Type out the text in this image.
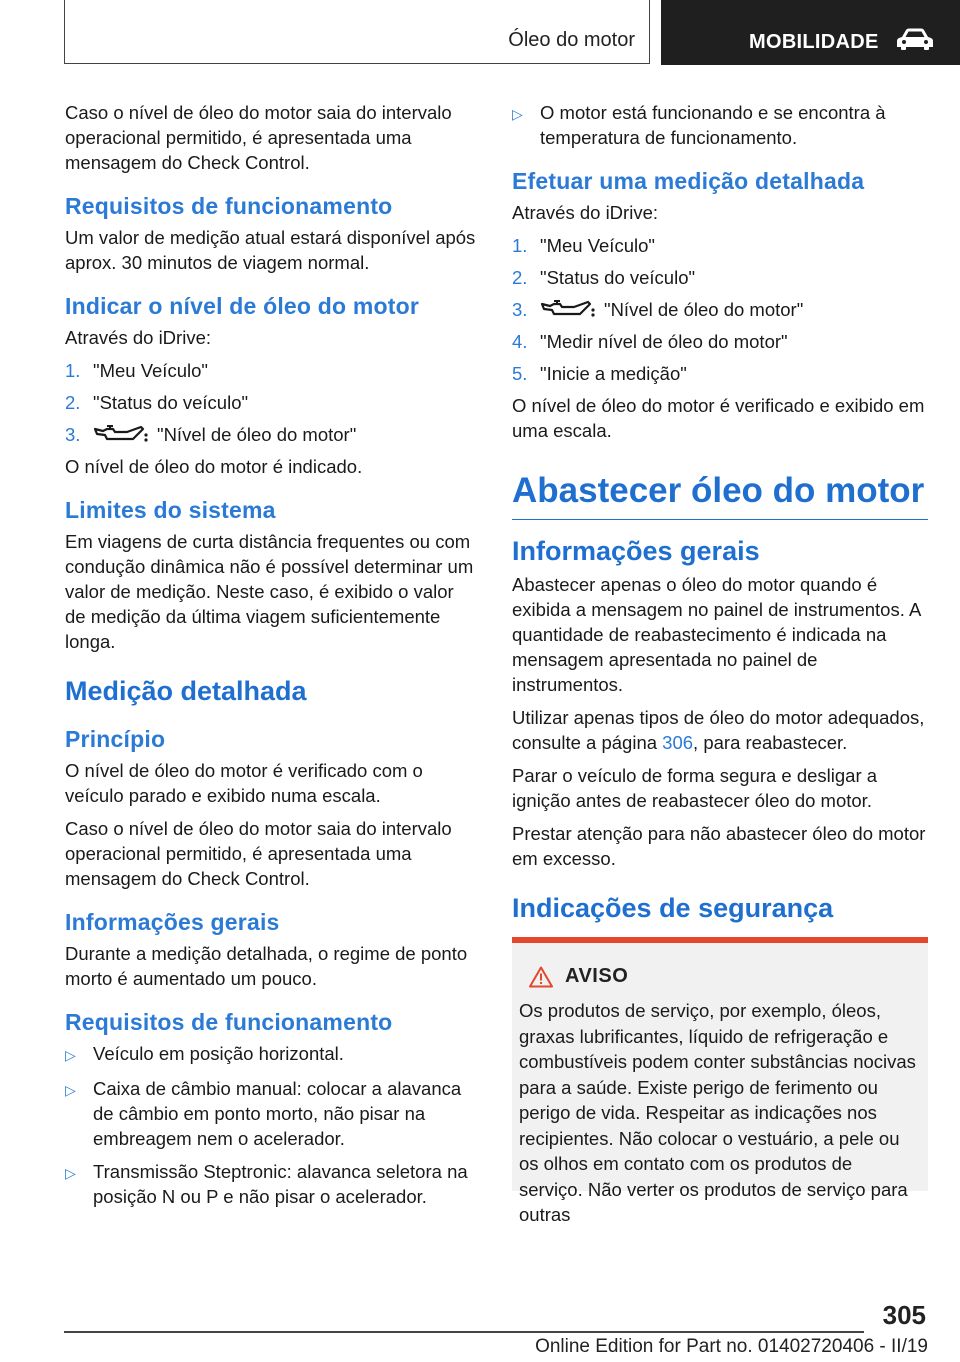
Óleo do motor	MOBILIDADE

Caso o nível de óleo do motor saia do intervalo operacional permitido, é apresentada uma mensagem do Check Control.

Requisitos de funcionamento

Um valor de medição atual estará disponível após aprox. 30 minutos de viagem normal.

Indicar o nível de óleo do motor

Através do iDrive:

1. "Meu Veículo"
2. "Status do veículo"
3.	"Nível de óleo do motor"

O nível de óleo do motor é indicado.

Limites do sistema

Em viagens de curta distância frequentes ou com condução dinâmica não é possível determinar um valor de medição. Neste caso, é exibido o valor de medição da última viagem suficientemente longa.

Medição detalhada
Princípio

O nível de óleo do motor é verificado com o veículo parado e exibido numa escala.

Caso o nível de óleo do motor saia do intervalo operacional permitido, é apresentada uma mensagem do Check Control.

Informações gerais

Durante a medição detalhada, o regime de ponto morto é aumentado um pouco.

Requisitos de funcionamento
▷ Veículo em posição horizontal.
▷ Caixa de câmbio manual: colocar a alavanca de câmbio em ponto morto, não pisar na embreagem nem o acelerador.
▷ Transmissão Steptronic: alavanca seletora na posição N ou P e não pisar o acelerador.
▷ O motor está funcionando e se encontra à temperatura de funcionamento.
Efetuar uma medição detalhada

Através do iDrive:

1. "Meu Veículo"
2. "Status do veículo"
3.	"Nível de óleo do motor"
4. "Medir nível de óleo do motor"
5. "Inicie a medição"

O nível de óleo do motor é verificado e exibido em uma escala.

Abastecer óleo do motor
Informações gerais

Abastecer apenas o óleo do motor quando é exibida a mensagem no painel de instrumentos. A quantidade de reabastecimento é indicada na mensagem apresentada no painel de instrumentos.

Utilizar apenas tipos de óleo do motor adequados, consulte a página 306, para reabastecer.

Parar o veículo de forma segura e desligar a ignição antes de reabastecer óleo do motor.

Prestar atenção para não abastecer óleo do motor em excesso.

Indicações de segurança
AVISO

Os produtos de serviço, por exemplo, óleos, graxas lubrificantes, líquido de refrigeração e combustíveis podem conter substâncias nocivas para a saúde. Existe perigo de ferimento ou perigo de vida. Respeitar as indicações nos recipientes. Não colocar o vestuário, a pele ou os olhos em contato com os produtos de serviço. Não verter os produtos de serviço para outras

305
Online Edition for Part no. 01402720406 - II/19
